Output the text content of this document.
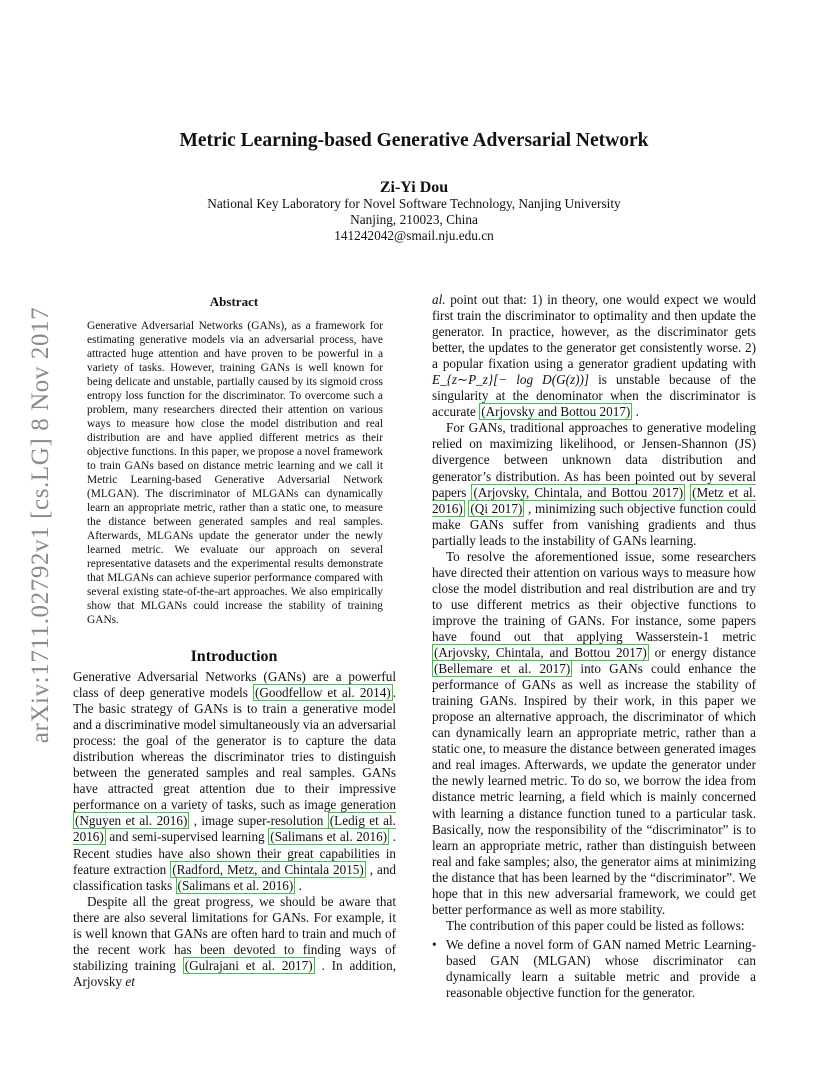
arXiv:1711.02792v1 [cs.LG] 8 Nov 2017
Metric Learning-based Generative Adversarial Network
Zi-Yi Dou
National Key Laboratory for Novel Software Technology, Nanjing University
Nanjing, 210023, China
141242042@smail.nju.edu.cn
Abstract
Generative Adversarial Networks (GANs), as a framework for estimating generative models via an adversarial process, have attracted huge attention and have proven to be powerful in a variety of tasks. However, training GANs is well known for being delicate and unstable, partially caused by its sigmoid cross entropy loss function for the discriminator. To overcome such a problem, many researchers directed their attention on various ways to measure how close the model distribution and real distribution are and have applied different metrics as their objective functions. In this paper, we propose a novel framework to train GANs based on distance metric learning and we call it Metric Learning-based Generative Adversarial Network (MLGAN). The discriminator of MLGANs can dynamically learn an appropriate metric, rather than a static one, to measure the distance between generated samples and real samples. Afterwards, MLGANs update the generator under the newly learned metric. We evaluate our approach on several representative datasets and the experimental results demonstrate that MLGANs can achieve superior performance compared with several existing state-of-the-art approaches. We also empirically show that MLGANs could increase the stability of training GANs.
Introduction

Generative Adversarial Networks (GANs) are a powerful class of deep generative models (Goodfellow et al. 2014) . The basic strategy of GANs is to train a generative model and a discriminative model simultaneously via an adversarial process: the goal of the generator is to capture the data distribution whereas the discriminator tries to distinguish between the generated samples and real samples. GANs have attracted great attention due to their impressive performance on a variety of tasks, such as image generation (Nguyen et al. 2016) , image super-resolution (Ledig et al. 2016) and semi-supervised learning (Salimans et al. 2016) . Recent studies have also shown their great capabilities in feature extraction (Radford, Metz, and Chintala 2015) , and classification tasks (Salimans et al. 2016) .

Despite all the great progress, we should be aware that there are also several limitations for GANs. For example, it is well known that GANs are often hard to train and much of the recent work has been devoted to finding ways of stabilizing training (Gulrajani et al. 2017) . In addition, Arjovsky et

al. point out that: 1) in theory, one would expect we would first train the discriminator to optimality and then update the generator. In practice, however, as the discriminator gets better, the updates to the generator get consistently worse. 2) a popular fixation using a generator gradient updating with E_{z∼P_z}[− log D(G(z))] is unstable because of the singularity at the denominator when the discriminator is accurate (Arjovsky and Bottou 2017) .

For GANs, traditional approaches to generative modeling relied on maximizing likelihood, or Jensen-Shannon (JS) divergence between unknown data distribution and generator’s distribution. As has been pointed out by several papers (Arjovsky, Chintala, and Bottou 2017) (Metz et al. 2016) (Qi 2017) , minimizing such objective function could make GANs suffer from vanishing gradients and thus partially leads to the instability of GANs learning.

To resolve the aforementioned issue, some researchers have directed their attention on various ways to measure how close the model distribution and real distribution are and try to use different metrics as their objective functions to improve the training of GANs. For instance, some papers have found out that applying Wasserstein-1 metric (Arjovsky, Chintala, and Bottou 2017) or energy distance (Bellemare et al. 2017) into GANs could enhance the performance of GANs as well as increase the stability of training GANs. Inspired by their work, in this paper we propose an alternative approach, the discriminator of which can dynamically learn an appropriate metric, rather than a static one, to measure the distance between generated images and real images. Afterwards, we update the generator under the newly learned metric. To do so, we borrow the idea from distance metric learning, a field which is mainly concerned with learning a distance function tuned to a particular task. Basically, now the responsibility of the “discriminator” is to learn an appropriate metric, rather than distinguish between real and fake samples; also, the generator aims at minimizing the distance that has been learned by the “discriminator”. We hope that in this new adversarial framework, we could get better performance as well as more stability.

The contribution of this paper could be listed as follows:

• We define a novel form of GAN named Metric Learning-based GAN (MLGAN) whose discriminator can dynamically learn a suitable metric and provide a reasonable objective function for the generator.
